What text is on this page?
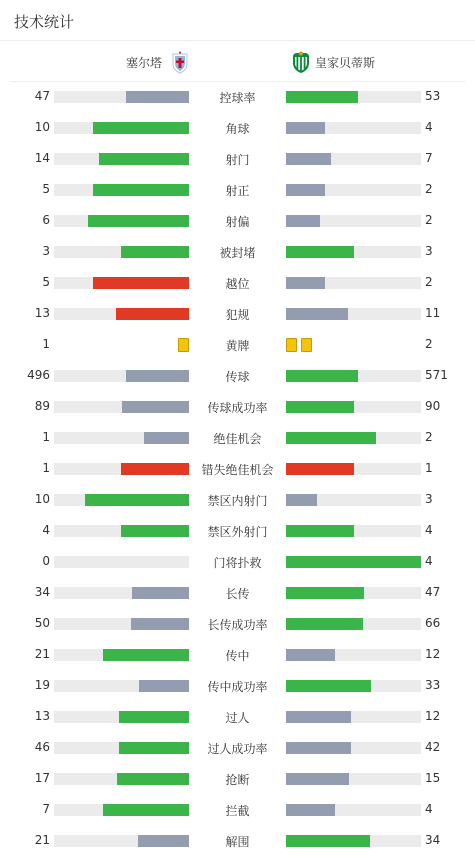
技术统计
塞尔塔	皇家贝蒂斯
47	控球率	53
10	角球	4
14	射门	7
5	射正	2
6	射偏	2
3	被封堵	3
5	越位	2
13	犯规	11
1	黄牌	2
496	传球	571
89	传球成功率	90
1	绝佳机会	2
1	错失绝佳机会	1
10	禁区内射门	3
4	禁区外射门	4
0	门将扑救	4
34	长传	47
50	长传成功率	66
21	传中	12
19	传中成功率	33
13	过人	12
46	过人成功率	42
17	抢断	15
7	拦截	4
21	解围	34
